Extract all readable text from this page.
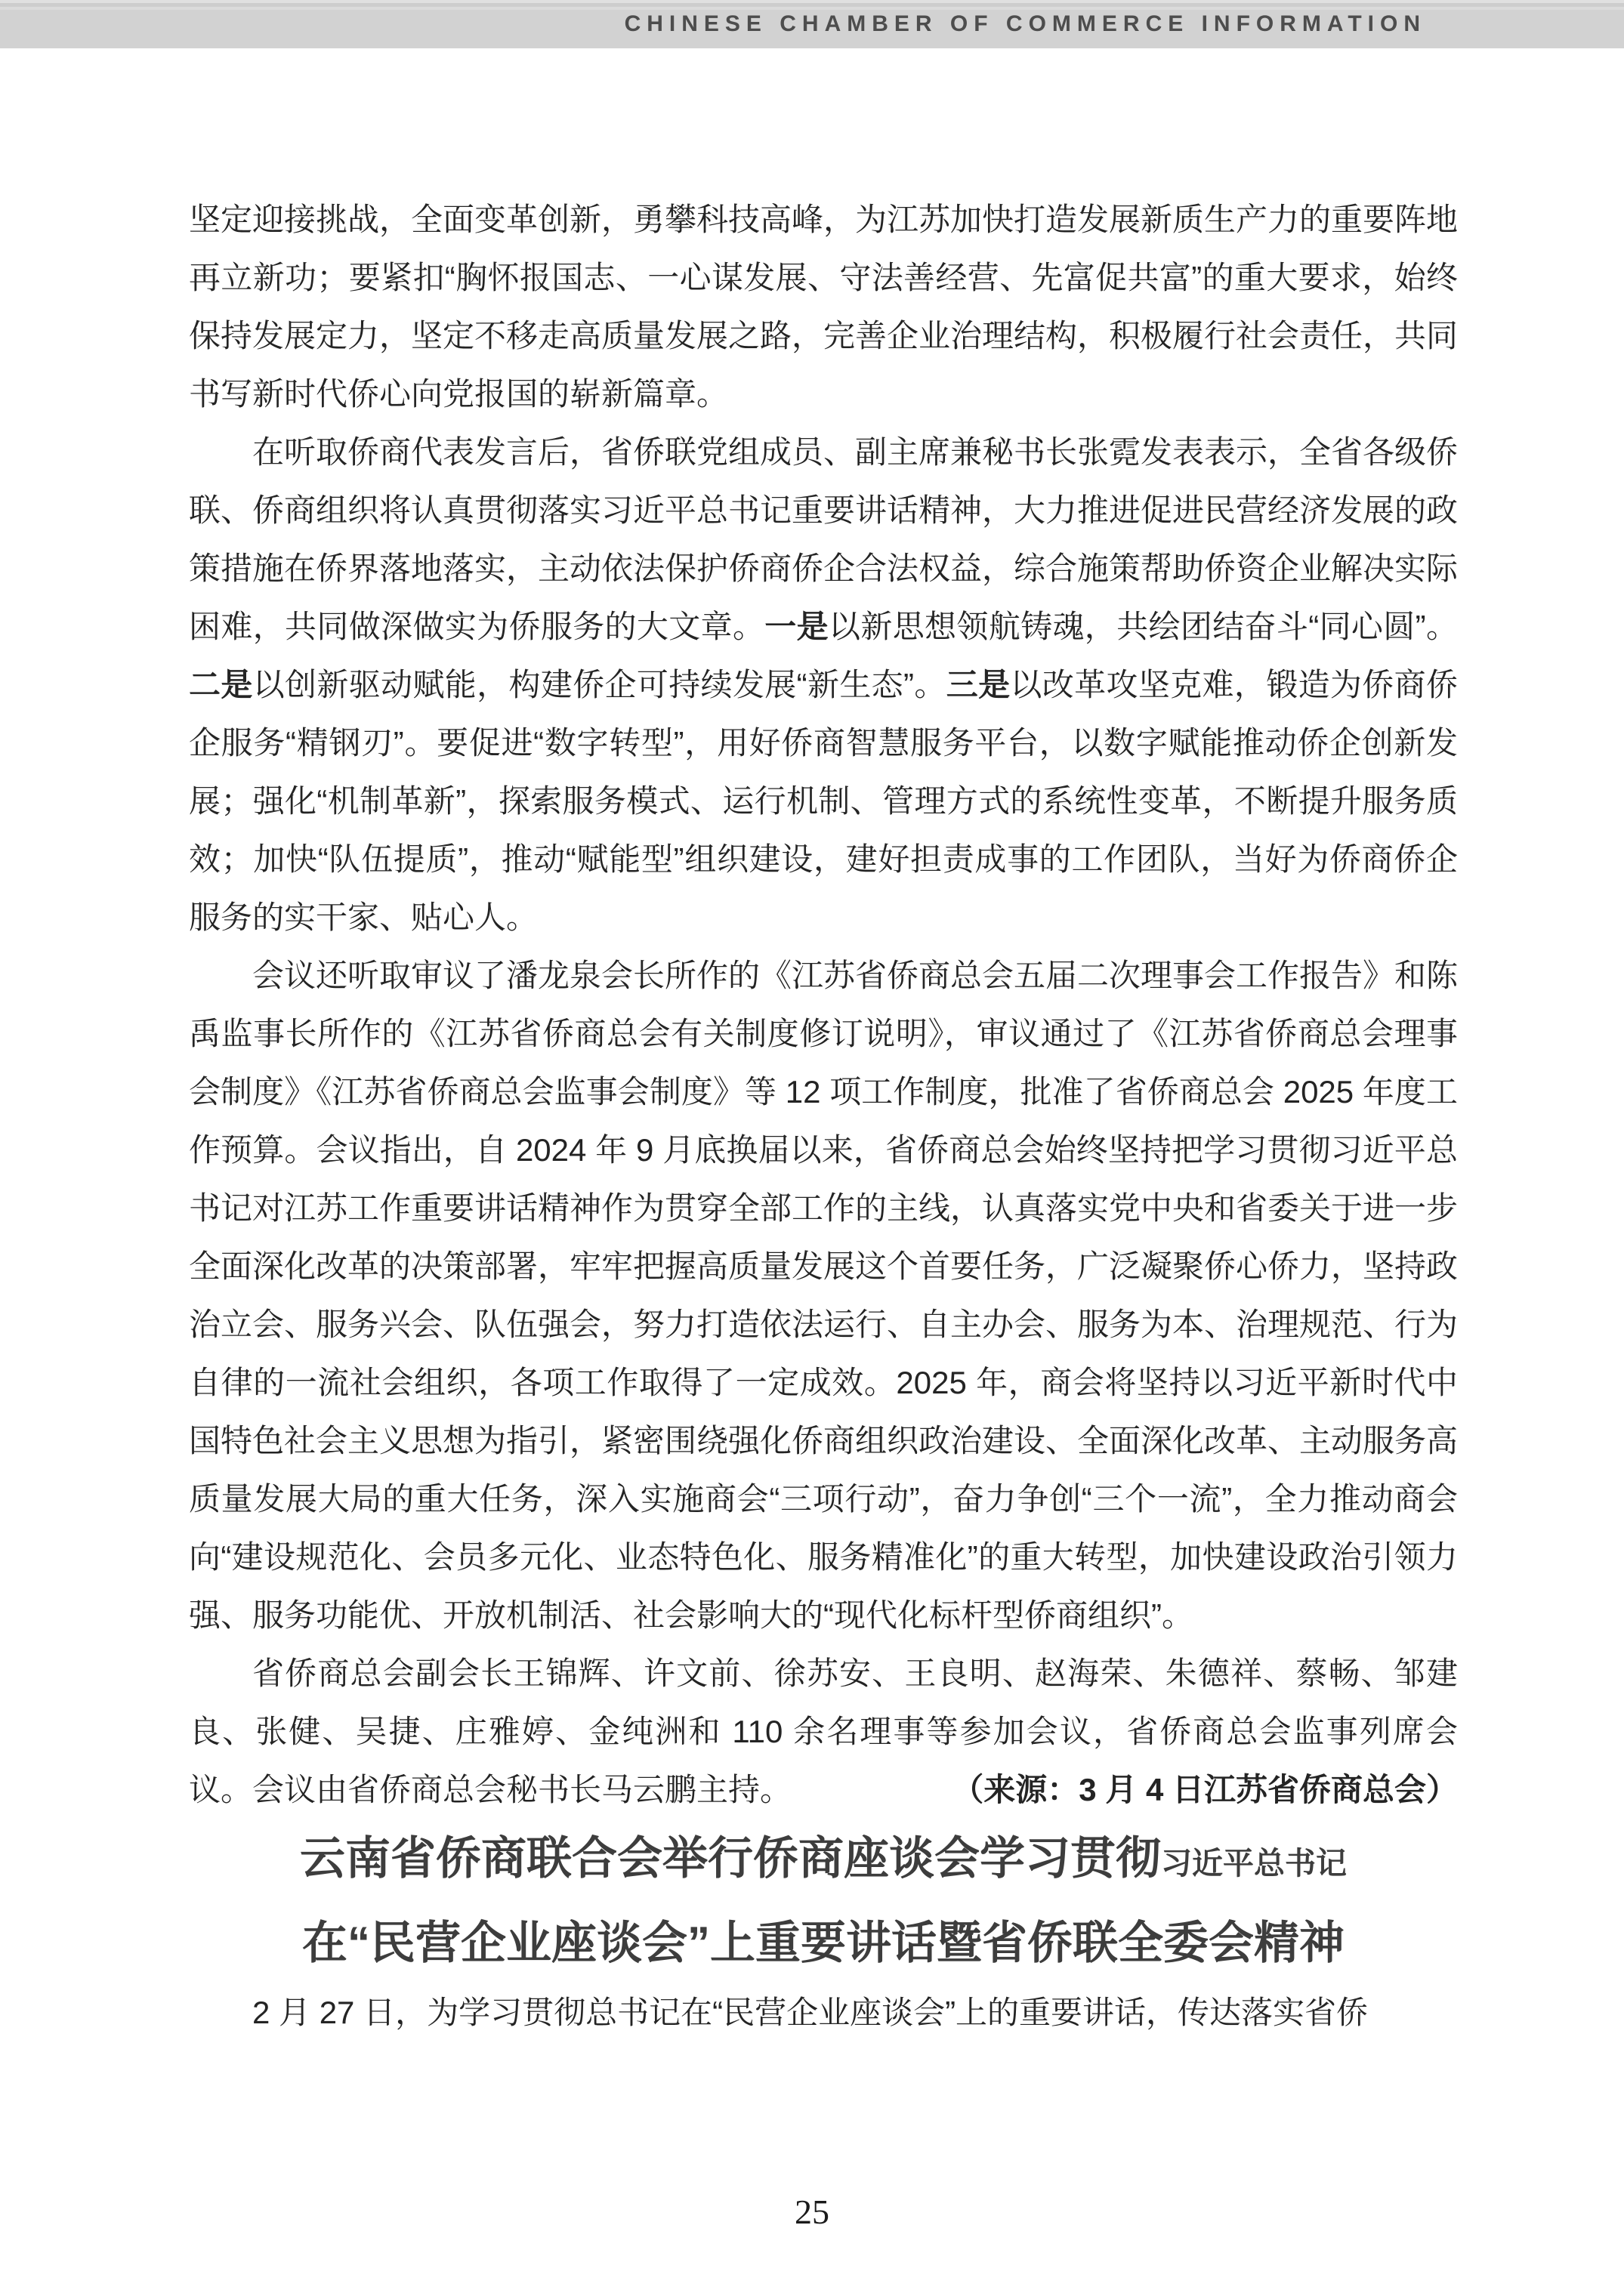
CHINESE CHAMBER OF COMMERCE INFORMATION

坚定迎接挑战，全面变革创新，勇攀科技高峰，为江苏加快打造发展新质生产力的重要阵地再立新功；要紧扣“胸怀报国志、一心谋发展、守法善经营、先富促共富”的重大要求，始终保持发展定力，坚定不移走高质量发展之路，完善企业治理结构，积极履行社会责任，共同书写新时代侨心向党报国的崭新篇章。

在听取侨商代表发言后，省侨联党组成员、副主席兼秘书长张霓发表表示，全省各级侨联、侨商组织将认真贯彻落实习近平总书记重要讲话精神，大力推进促进民营经济发展的政策措施在侨界落地落实，主动依法保护侨商侨企合法权益，综合施策帮助侨资企业解决实际困难，共同做深做实为侨服务的大文章。一是以新思想领航铸魂，共绘团结奋斗“同心圆”。二是以创新驱动赋能，构建侨企可持续发展“新生态”。三是以改革攻坚克难，锻造为侨商侨企服务“精钢刃”。要促进“数字转型”，用好侨商智慧服务平台，以数字赋能推动侨企创新发展；强化“机制革新”，探索服务模式、运行机制、管理方式的系统性变革，不断提升服务质效；加快“队伍提质”，推动“赋能型”组织建设，建好担责成事的工作团队，当好为侨商侨企服务的实干家、贴心人。

会议还听取审议了潘龙泉会长所作的《江苏省侨商总会五届二次理事会工作报告》和陈禹监事长所作的《江苏省侨商总会有关制度修订说明》，审议通过了《江苏省侨商总会理事会制度》《江苏省侨商总会监事会制度》等 12 项工作制度，批准了省侨商总会 2025 年度工作预算。会议指出，自 2024 年 9 月底换届以来，省侨商总会始终坚持把学习贯彻习近平总书记对江苏工作重要讲话精神作为贯穿全部工作的主线，认真落实党中央和省委关于进一步全面深化改革的决策部署，牢牢把握高质量发展这个首要任务，广泛凝聚侨心侨力，坚持政治立会、服务兴会、队伍强会，努力打造依法运行、自主办会、服务为本、治理规范、行为自律的一流社会组织，各项工作取得了一定成效。2025 年，商会将坚持以习近平新时代中国特色社会主义思想为指引，紧密围绕强化侨商组织政治建设、全面深化改革、主动服务高质量发展大局的重大任务，深入实施商会“三项行动”，奋力争创“三个一流”，全力推动商会向“建设规范化、会员多元化、业态特色化、服务精准化”的重大转型，加快建设政治引领力强、服务功能优、开放机制活、社会影响大的“现代化标杆型侨商组织”。

省侨商总会副会长王锦辉、许文前、徐苏安、王良明、赵海荣、朱德祥、蔡畅、邹建良、张健、吴捷、庄雅婷、金纯洲和 110 余名理事等参加会议，省侨商总会监事列席会议。会议由省侨商总会秘书长马云鹏主持。	（来源：3 月 4 日江苏省侨商总会）

云南省侨商联合会举行侨商座谈会学习贯彻习近平总书记

在“民营企业座谈会”上重要讲话暨省侨联全委会精神

2 月 27 日，为学习贯彻总书记在“民营企业座谈会”上的重要讲话，传达落实省侨

25
